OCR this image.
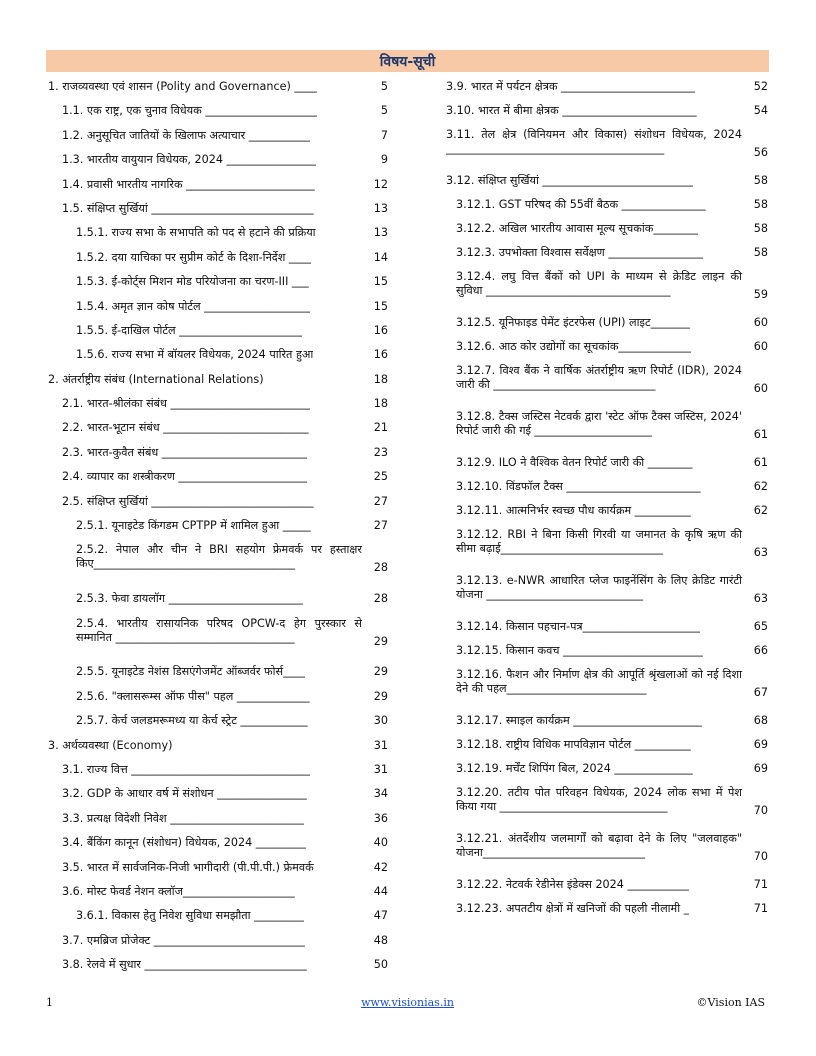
विषय-सूची
1. राजव्यवस्था एवं शासन (Polity and Governance) ____	5
1.1. एक राष्ट्र, एक चुनाव विधेयक ____________________	5
1.2. अनुसूचित जातियों के खिलाफ अत्याचार ___________	7
1.3. भारतीय वायुयान विधेयक, 2024 ________________	9
1.4. प्रवासी भारतीय नागरिक _______________________	12
1.5. संक्षिप्त सुर्खियां _____________________________	13
1.5.1. राज्य सभा के सभापति को पद से हटाने की प्रक्रिया	13
1.5.2. दया याचिका पर सुप्रीम कोर्ट के दिशा-निर्देश ____	14
1.5.3. ई-कोर्ट्स मिशन मोड परियोजना का चरण-III ___	15
1.5.4. अमृत ज्ञान कोष पोर्टल ___________________	15
1.5.5. ई-दाखिल पोर्टल ______________________	16
1.5.6. राज्य सभा में बॉयलर विधेयक, 2024 पारित हुआ	16
2. अंतर्राष्ट्रीय संबंध (International Relations)	18
2.1. भारत-श्रीलंका संबंध _________________________	18
2.2. भारत-भूटान संबंध __________________________	21
2.3. भारत-कुवैत संबंध __________________________	23
2.4. व्यापार का शस्त्रीकरण _______________________	25
2.5. संक्षिप्त सुर्खियां _____________________________	27
2.5.1. यूनाइटेड किंगडम CPTPP में शामिल हुआ _____	27
2.5.2. नेपाल और चीन ने BRI सहयोग फ्रेमवर्क पर हस्ताक्षर किए____________________________________	28
2.5.3. फेवा डायलॉग ________________________	28
2.5.4. भारतीय रासायनिक परिषद OPCW-द हेग पुरस्कार से सम्मानित ________________________________	29
2.5.5. यूनाइटेड नेशंस डिसएंगेजमेंट ऑब्जर्वर फोर्स____	29
2.5.6. "क्लासरूम्स ऑफ पीस" पहल _____________	29
2.5.7. केर्च जलडमरूमध्य या केर्च स्ट्रेट ____________	30
3. अर्थव्यवस्था (Economy)	31
3.1. राज्य वित्त ________________________________	31
3.2. GDP के आधार वर्ष में संशोधन ________________	34
3.3. प्रत्यक्ष विदेशी निवेश ________________________	36
3.4. बैंकिंग कानून (संशोधन) विधेयक, 2024 _________	40
3.5. भारत में सार्वजनिक-निजी भागीदारी (पी.पी.पी.) फ्रेमवर्क	42
3.6. मोस्ट फेवर्ड नेशन क्लॉज____________________	44
3.6.1. विकास हेतु निवेश सुविधा समझौता _________	47
3.7. एमब्रिज प्रोजेक्ट ___________________________	48
3.8. रेलवे में सुधार _____________________________	50
3.9. भारत में पर्यटन क्षेत्रक ________________________	52
3.10. भारत में बीमा क्षेत्रक ________________________	54
3.11. तेल क्षेत्र (विनियमन और विकास) संशोधन विधेयक, 2024 _______________________________________	56
3.12. संक्षिप्त सुर्खियां ___________________________	58
3.12.1. GST परिषद की 55वीं बैठक _______________	58
3.12.2. अखिल भारतीय आवास मूल्य सूचकांक________	58
3.12.3. उपभोक्ता विश्वास सर्वेक्षण _________________	58
3.12.4. लघु वित्त बैंकों को UPI के माध्यम से क्रेडिट लाइन की सुविधा _________________________________	59
3.12.5. यूनिफाइड पेमेंट इंटरफेस (UPI) लाइट_______	60
3.12.6. आठ कोर उद्योगों का सूचकांक_____________	60
3.12.7. विश्व बैंक ने वार्षिक अंतर्राष्ट्रीय ऋण रिपोर्ट (IDR), 2024 जारी की _____________________________	60
3.12.8. टैक्स जस्टिस नेटवर्क द्वारा 'स्टेट ऑफ टैक्स जस्टिस, 2024' रिपोर्ट जारी की गई _____________________	61
3.12.9. ILO ने वैश्विक वेतन रिपोर्ट जारी की ________	61
3.12.10. विंडफॉल टैक्स ________________________	62
3.12.11. आत्मनिर्भर स्वच्छ पौध कार्यक्रम __________	62
3.12.12. RBI ने बिना किसी गिरवी या जमानत के कृषि ऋण की सीमा बढ़ाई_____________________________	63
3.12.13. e-NWR आधारित प्लेज फाइनेंसिंग के लिए क्रेडिट गारंटी योजना ____________________________	63
3.12.14. किसान पहचान-पत्र_____________________	65
3.12.15. किसान कवच _________________________	66
3.12.16. फैशन और निर्माण क्षेत्र की आपूर्ति श्रृंखलाओं को नई दिशा देने की पहल_________________________	67
3.12.17. स्माइल कार्यक्रम _______________________	68
3.12.18. राष्ट्रीय विधिक मापविज्ञान पोर्टल __________	69
3.12.19. मर्चेंट शिपिंग बिल, 2024 ______________	69
3.12.20. तटीय पोत परिवहन विधेयक, 2024 लोक सभा में पेश किया गया ______________________________	70
3.12.21. अंतर्देशीय जलमार्गों को बढ़ावा देने के लिए "जलवाहक" योजना_____________________________	70
3.12.22. नेटवर्क रेडीनेस इंडेक्स 2024 ___________	71
3.12.23. अपतटीय क्षेत्रों में खनिजों की पहली नीलामी _	71
1	www.visionias.in	©Vision IAS
